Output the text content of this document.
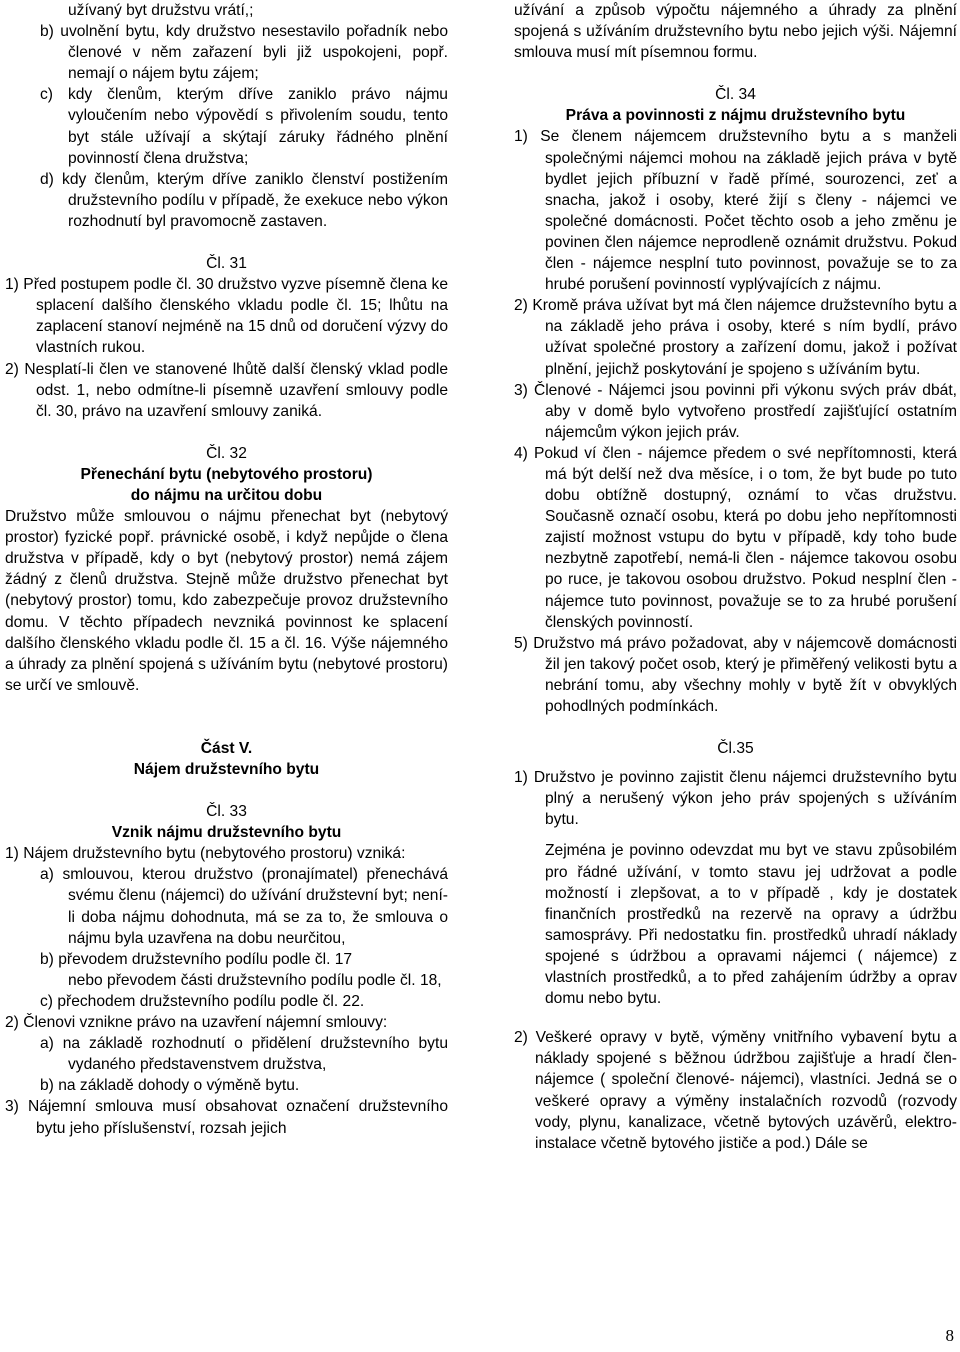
užívaný byt družstvu vrátí,;

b) uvolnění bytu, kdy družstvo nesestavilo pořadník nebo členové v něm zařazení byli již uspokojeni, popř. nemají o nájem bytu zájem;

c) kdy členům, kterým dříve zaniklo právo nájmu vyloučením nebo výpovědí s přivolením soudu, tento byt stále užívají a skýtají záruky řádného plnění povinností člena družstva;

d) kdy členům, kterým dříve zaniklo členství postižením družstevního podílu v případě, že exekuce nebo výkon rozhodnutí byl pravomocně zastaven.

Čl. 31

1) Před postupem podle čl. 30 družstvo vyzve písemně člena ke splacení dalšího členského vkladu podle čl. 15; lhůtu na zaplacení stanoví nejméně na 15 dnů od doručení výzvy do vlastních rukou.

2) Nesplatí-li člen ve stanovené lhůtě další členský vklad podle odst. 1, nebo odmítne-li písemně uzavření smlouvy podle čl. 30, právo na uzavření smlouvy zaniká.

Čl. 32

Přenechání bytu (nebytového prostoru)

do nájmu na určitou dobu

Družstvo může smlouvou o nájmu přenechat byt (nebytový prostor) fyzické popř. právnické osobě, i když nepůjde o člena družstva v případě, kdy o byt (nebytový prostor) nemá zájem žádný z členů družstva. Stejně může družstvo přenechat byt (nebytový prostor) tomu, kdo zabezpečuje provoz družstevního domu. V těchto případech nevzniká povinnost ke splacení dalšího členského vkladu podle čl. 15 a čl. 16. Výše nájemného a úhrady za plnění spojená s užíváním bytu (nebytové prostoru) se určí ve smlouvě.

Část V.

Nájem družstevního bytu

Čl. 33

Vznik nájmu družstevního bytu

1) Nájem družstevního bytu (nebytového prostoru) vzniká:

a) smlouvou, kterou družstvo (pronajímatel) přenechává svému členu (nájemci) do užívání družstevní byt; není-li doba nájmu dohodnuta, má se za to, že smlouva o nájmu byla uzavřena na dobu neurčitou,

b) převodem družstevního podílu podle čl. 17

nebo převodem části družstevního podílu podle čl. 18,

c) přechodem družstevního podílu podle čl. 22.

2) Členovi vznikne právo na uzavření nájemní smlouvy:

a) na základě rozhodnutí o přidělení družstevního bytu vydaného představenstvem družstva,

b) na základě dohody o výměně bytu.

3) Nájemní smlouva musí obsahovat označení družstevního bytu jeho příslušenství, rozsah jejich

užívání a způsob výpočtu nájemného a úhrady za plnění spojená s užíváním družstevního bytu nebo jejich výši. Nájemní smlouva musí mít písemnou formu.

Čl. 34

Práva a povinnosti z nájmu družstevního bytu

1) Se členem nájemcem družstevního bytu a s manželi společnými nájemci mohou na základě jejich práva v bytě bydlet jejich příbuzní v řadě přímé, sourozenci, zeť a snacha, jakož i osoby, které žijí s členy - nájemci ve společné domácnosti. Počet těchto osob a jeho změnu je povinen člen nájemce neprodleně oznámit družstvu. Pokud člen - nájemce nesplní tuto povinnost, považuje se to za hrubé porušení povinností vyplývajících z nájmu.

2) Kromě práva užívat byt má člen nájemce družstevního bytu a na základě jeho práva i osoby, které s ním bydlí, právo užívat společné prostory a zařízení domu, jakož i požívat plnění, jejichž poskytování je spojeno s užíváním bytu.

3) Členové - Nájemci jsou povinni při výkonu svých práv dbát, aby v domě bylo vytvořeno prostředí zajišťující ostatním nájemcům výkon jejich práv.

4) Pokud ví člen - nájemce předem o své nepřítomnosti, která má být delší než dva měsíce, i o tom, že byt bude po tuto dobu obtížně dostupný, oznámí to včas družstvu. Současně označí osobu, která po dobu jeho nepřítomnosti zajistí možnost vstupu do bytu v případě, kdy toho bude nezbytně zapotřebí, nemá-li člen - nájemce takovou osobu po ruce, je takovou osobou družstvo. Pokud nesplní člen - nájemce tuto povinnost, považuje se to za hrubé porušení členských povinností.

5) Družstvo má právo požadovat, aby v nájemcově domácnosti žil jen takový počet osob, který je přiměřený velikosti bytu a nebrání tomu, aby všechny mohly v bytě žít v obvyklých pohodlných podmínkách.

Čl.35

1) Družstvo je povinno zajistit členu nájemci družstevního bytu plný a nerušený výkon jeho práv spojených s užíváním bytu.

Zejména je povinno odevzdat mu byt ve stavu způsobilém pro řádné užívání, v tomto stavu jej udržovat a podle možností i zlepšovat, a to v případě , kdy je dostatek finančních prostředků na rezervě na opravy a údržbu samosprávy. Při nedostatku fin. prostředků uhradí náklady spojené s údržbou a opravami nájemci ( nájemce) z vlastních prostředků, a to před zahájením údržby a oprav domu nebo bytu.

2) Veškeré opravy v bytě, výměny vnitřního vybavení bytu a náklady spojené s běžnou údržbou zajišťuje a hradí člen-nájemce ( společní členové- nájemci), vlastníci. Jedná se o veškeré opravy a výměny instalačních rozvodů (rozvody vody, plynu, kanalizace, včetně bytových uzávěrů, elektro-instalace včetně bytového jističe a pod.) Dále se

8
